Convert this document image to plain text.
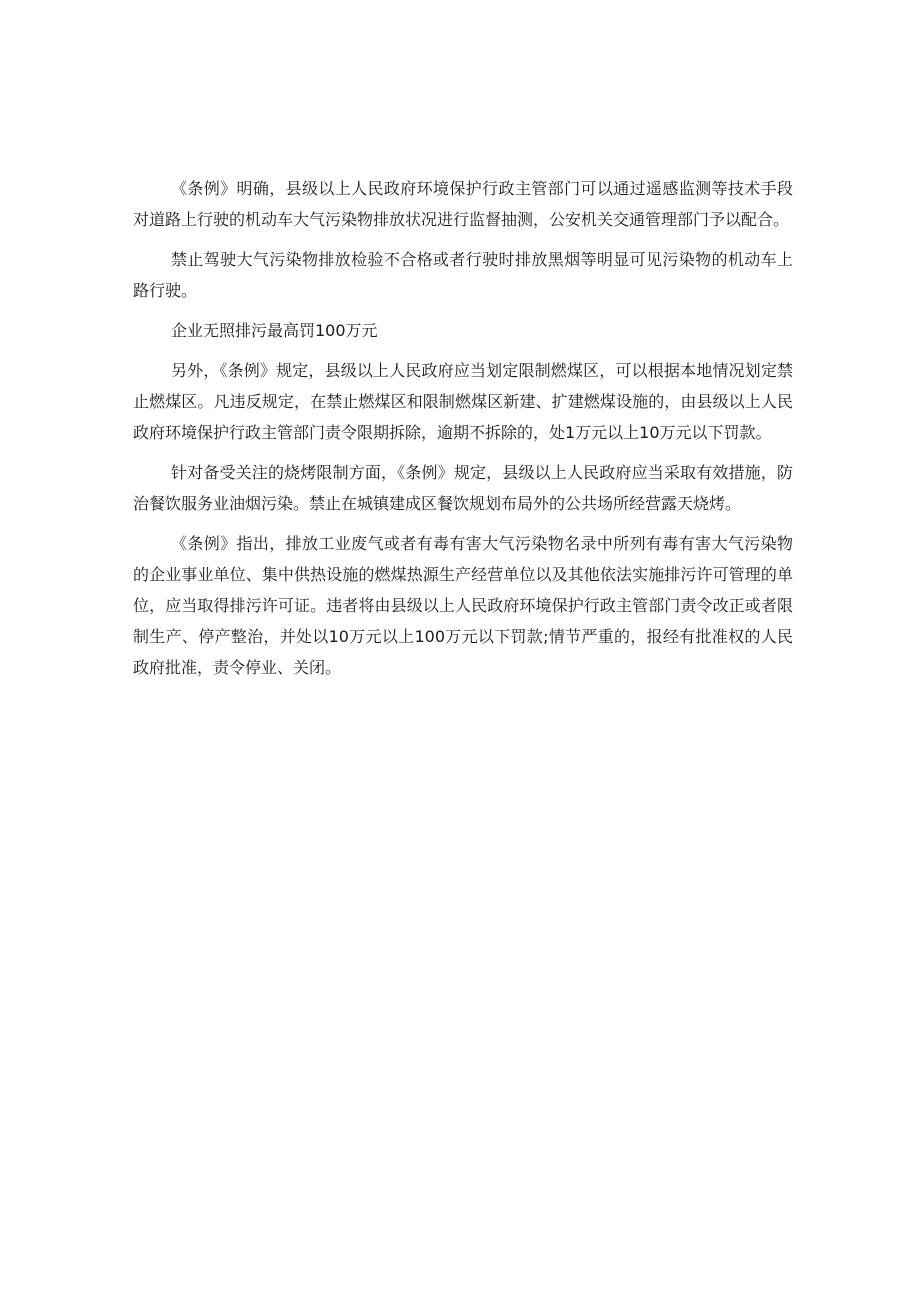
《条例》明确，县级以上人民政府环境保护行政主管部门可以通过遥感监测等技术手段对道路上行驶的机动车大气污染物排放状况进行监督抽测，公安机关交通管理部门予以配合。

禁止驾驶大气污染物排放检验不合格或者行驶时排放黑烟等明显可见污染物的机动车上路行驶。

企业无照排污最高罚100万元

另外，《条例》规定，县级以上人民政府应当划定限制燃煤区，可以根据本地情况划定禁止燃煤区。凡违反规定，在禁止燃煤区和限制燃煤区新建、扩建燃煤设施的，由县级以上人民政府环境保护行政主管部门责令限期拆除，逾期不拆除的，处1万元以上10万元以下罚款。

针对备受关注的烧烤限制方面，《条例》规定，县级以上人民政府应当采取有效措施，防治餐饮服务业油烟污染。禁止在城镇建成区餐饮规划布局外的公共场所经营露天烧烤。

《条例》指出，排放工业废气或者有毒有害大气污染物名录中所列有毒有害大气污染物的企业事业单位、集中供热设施的燃煤热源生产经营单位以及其他依法实施排污许可管理的单位，应当取得排污许可证。违者将由县级以上人民政府环境保护行政主管部门责令改正或者限制生产、停产整治，并处以10万元以上100万元以下罚款;情节严重的，报经有批准权的人民政府批准，责令停业、关闭。
